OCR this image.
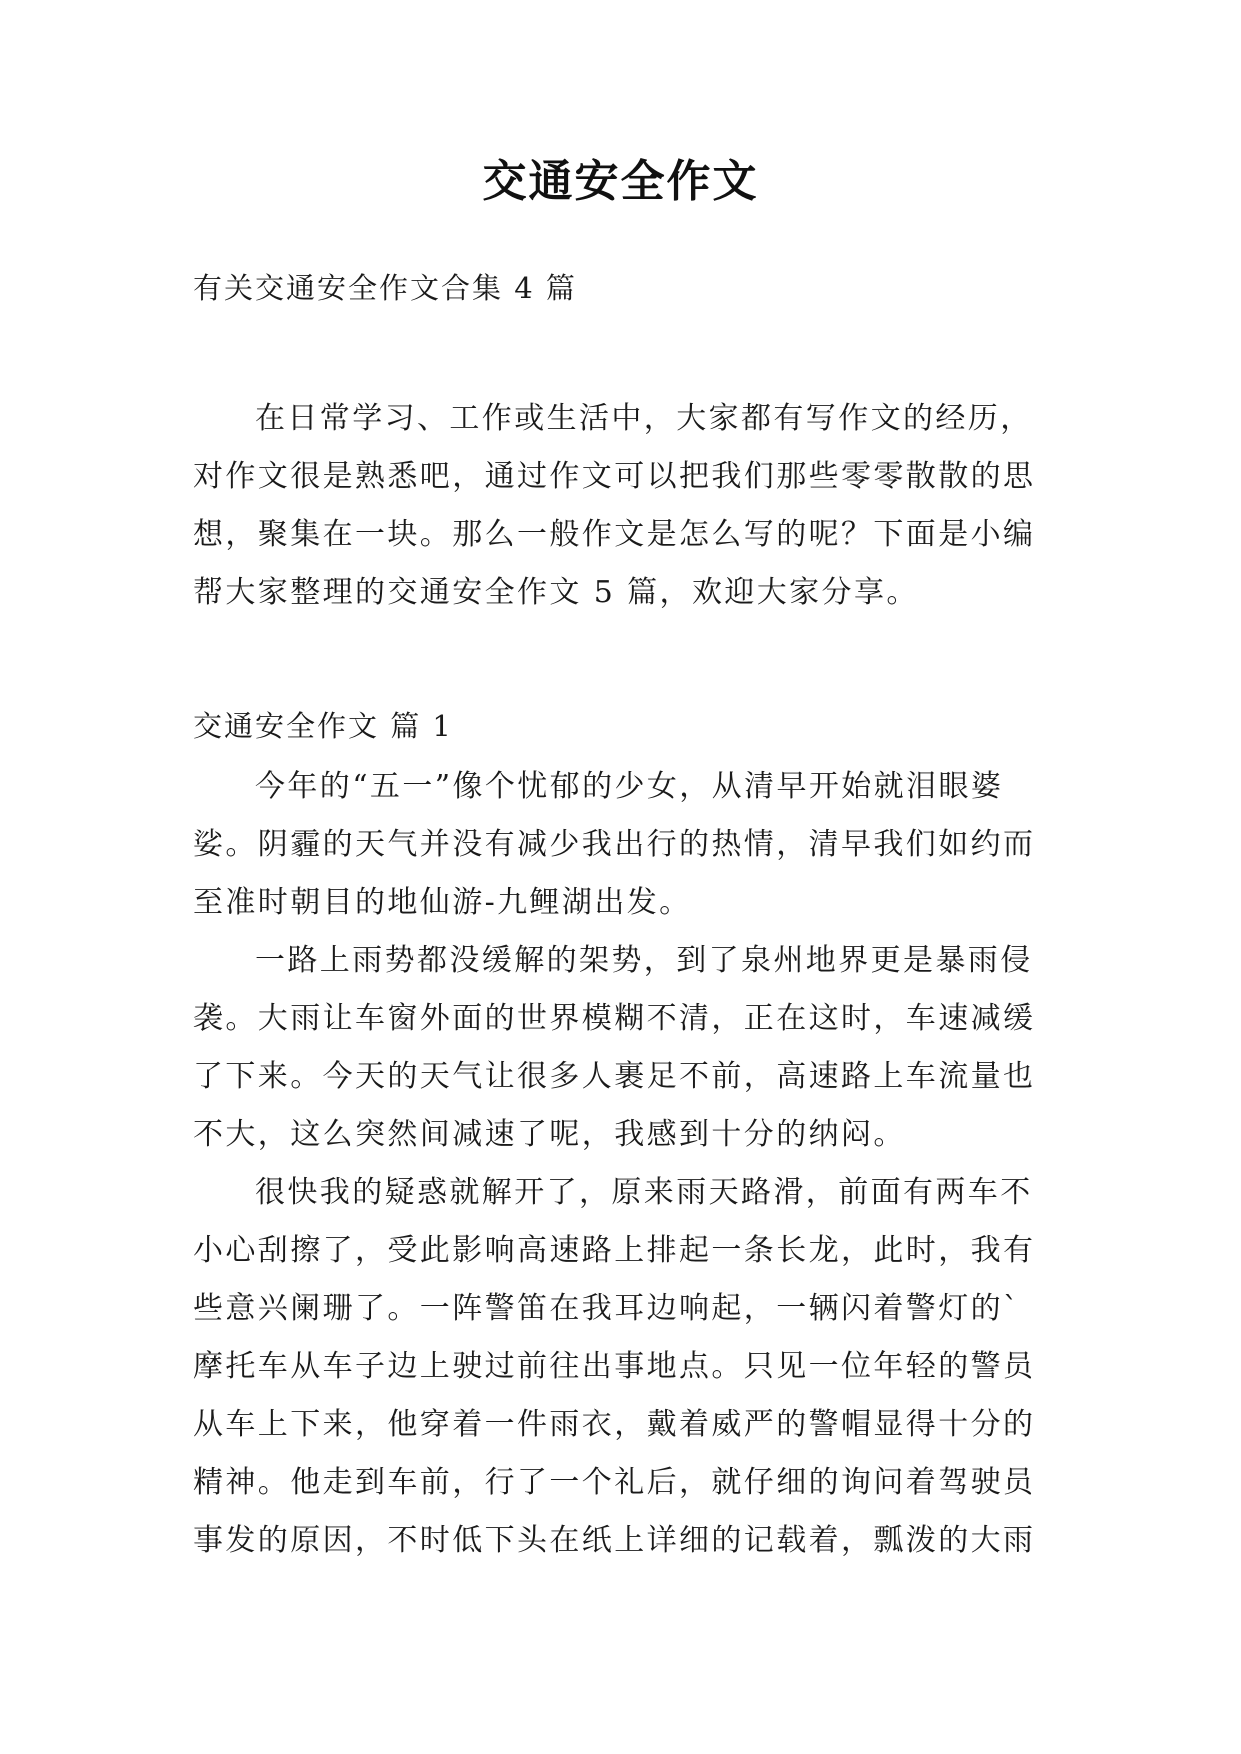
交通安全作文
有关交通安全作文合集 4 篇
在日常学习、工作或生活中，大家都有写作文的经历，
对作文很是熟悉吧，通过作文可以把我们那些零零散散的思
想，聚集在一块。那么一般作文是怎么写的呢？下面是小编
帮大家整理的交通安全作文 5 篇，欢迎大家分享。
交通安全作文 篇 1
今年的“五一”像个忧郁的少女，从清早开始就泪眼婆
娑。阴霾的天气并没有减少我出行的热情，清早我们如约而
至准时朝目的地仙游-九鲤湖出发。
一路上雨势都没缓解的架势，到了泉州地界更是暴雨侵
袭。大雨让车窗外面的世界模糊不清，正在这时，车速减缓
了下来。今天的天气让很多人裹足不前，高速路上车流量也
不大，这么突然间减速了呢，我感到十分的纳闷。
很快我的疑惑就解开了，原来雨天路滑，前面有两车不
小心刮擦了，受此影响高速路上排起一条长龙，此时，我有
些意兴阑珊了。一阵警笛在我耳边响起，一辆闪着警灯的`
摩托车从车子边上驶过前往出事地点。只见一位年轻的警员
从车上下来，他穿着一件雨衣，戴着威严的警帽显得十分的
精神。他走到车前，行了一个礼后，就仔细的询问着驾驶员
事发的原因，不时低下头在纸上详细的记载着，瓢泼的大雨
